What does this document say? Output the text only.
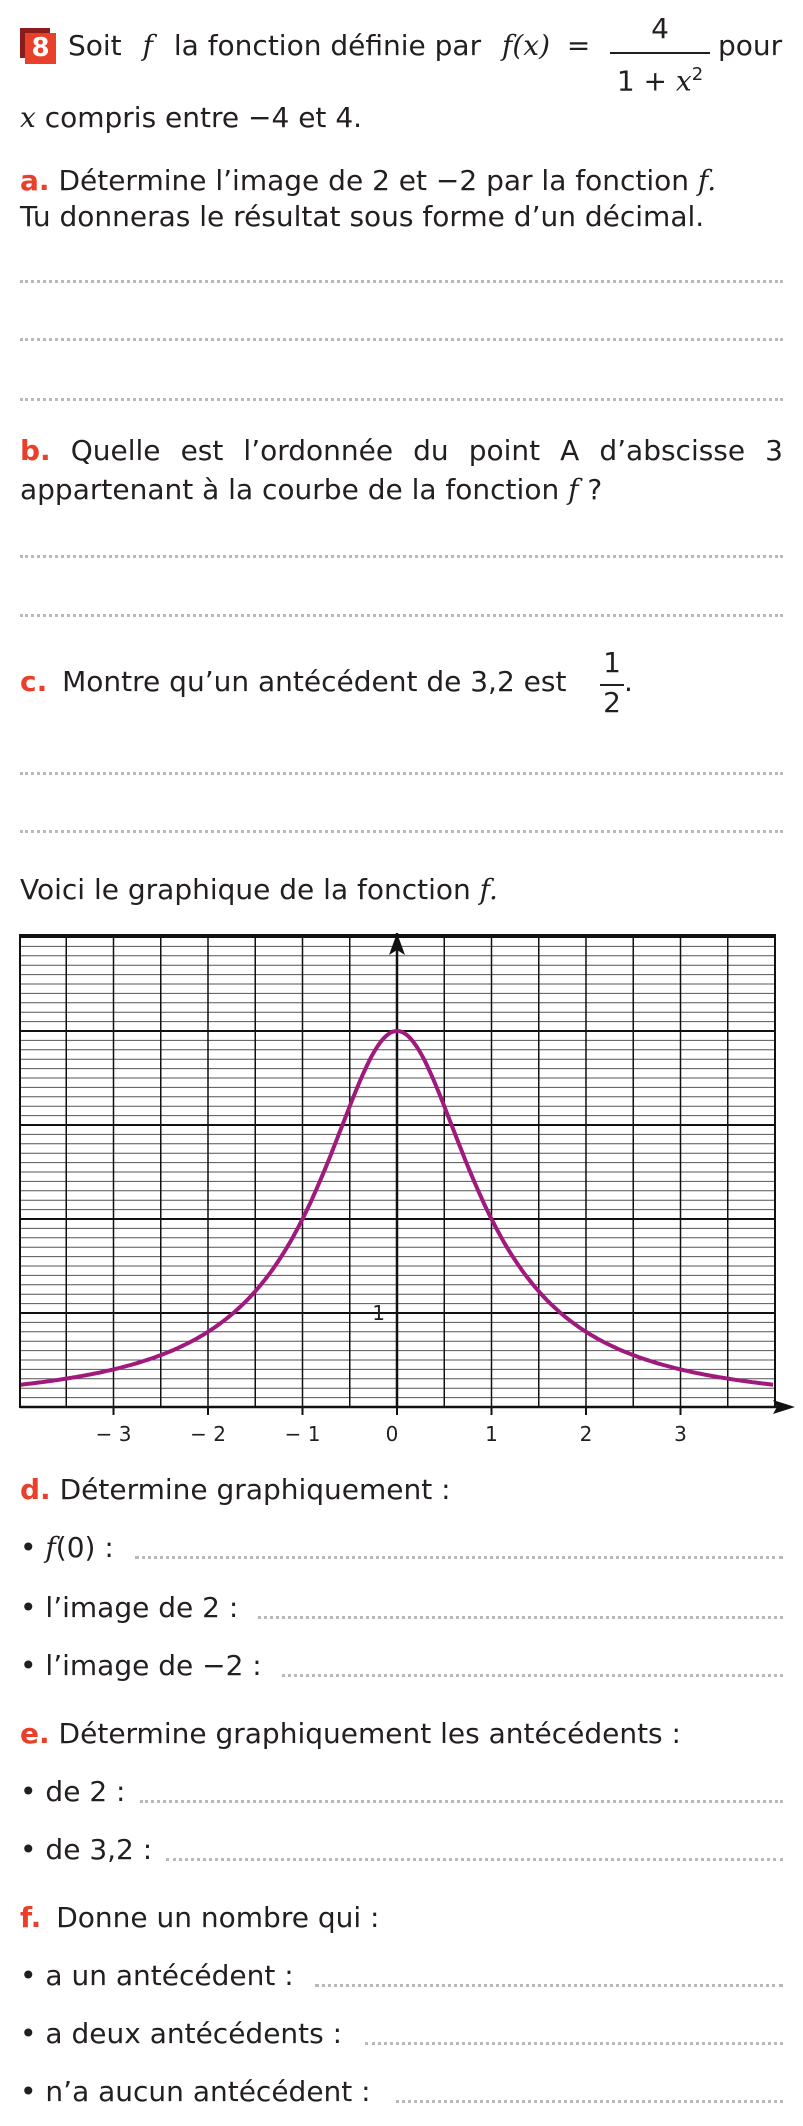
8 Soit f la fonction définie par f(x) =
4
$1 + x^2$
pour
x compris entre −4 et 4.
a. Détermine l’image de 2 et −2 par la fonction f.
Tu donneras le résultat sous forme d’un décimal.
b. Quelle est l’ordonnée du point A d’abscisse 3
appartenant à la courbe de la fonction f ?
c. Montre qu’un antécédent de 3,2 est
1
2
.
Voici le graphique de la fonction f.
− 3	− 2	− 1	0	1	2	3
1
d. Détermine graphiquement :
• f(0) :
• l’image de 2 :
• l’image de −2 :
e. Détermine graphiquement les antécédents :
• de 2 :
• de 3,2 :
f. Donne un nombre qui :
• a un antécédent :
• a deux antécédents :
• n’a aucun antécédent :
